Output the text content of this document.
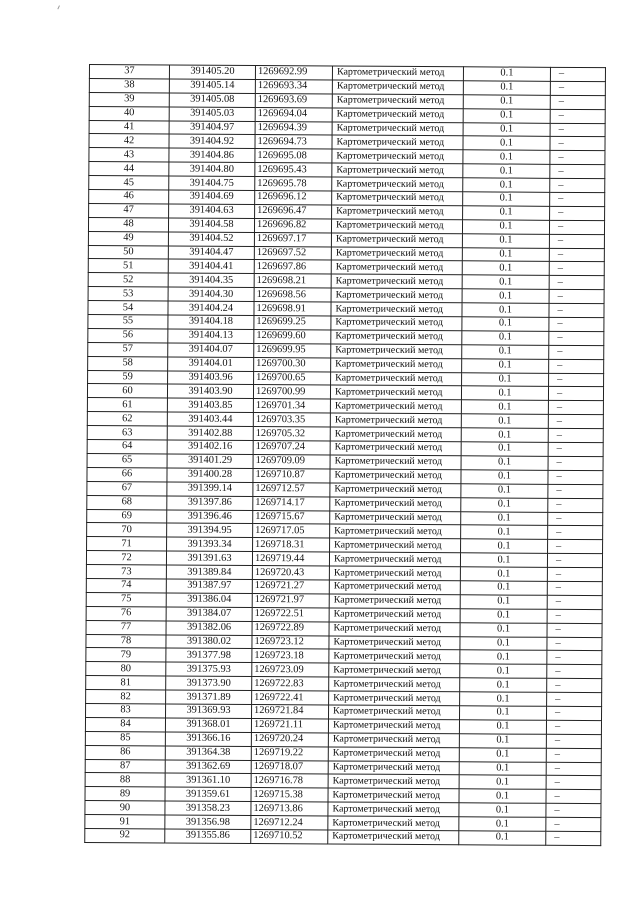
37	391405.20	1269692.99	Картометрический метод	0.1	–
38	391405.14	1269693.34	Картометрический метод	0.1	–
39	391405.08	1269693.69	Картометрический метод	0.1	–
40	391405.03	1269694.04	Картометрический метод	0.1	–
41	391404.97	1269694.39	Картометрический метод	0.1	–
42	391404.92	1269694.73	Картометрический метод	0.1	–
43	391404.86	1269695.08	Картометрический метод	0.1	–
44	391404.80	1269695.43	Картометрический метод	0.1	–
45	391404.75	1269695.78	Картометрический метод	0.1	–
46	391404.69	1269696.12	Картометрический метод	0.1	–
47	391404.63	1269696.47	Картометрический метод	0.1	–
48	391404.58	1269696.82	Картометрический метод	0.1	–
49	391404.52	1269697.17	Картометрический метод	0.1	–
50	391404.47	1269697.52	Картометрический метод	0.1	–
51	391404.41	1269697.86	Картометрический метод	0.1	–
52	391404.35	1269698.21	Картометрический метод	0.1	–
53	391404.30	1269698.56	Картометрический метод	0.1	–
54	391404.24	1269698.91	Картометрический метод	0.1	–
55	391404.18	1269699.25	Картометрический метод	0.1	–
56	391404.13	1269699.60	Картометрический метод	0.1	–
57	391404.07	1269699.95	Картометрический метод	0.1	–
58	391404.01	1269700.30	Картометрический метод	0.1	–
59	391403.96	1269700.65	Картометрический метод	0.1	–
60	391403.90	1269700.99	Картометрический метод	0.1	–
61	391403.85	1269701.34	Картометрический метод	0.1	–
62	391403.44	1269703.35	Картометрический метод	0.1	–
63	391402.88	1269705.32	Картометрический метод	0.1	–
64	391402.16	1269707.24	Картометрический метод	0.1	–
65	391401.29	1269709.09	Картометрический метод	0.1	–
66	391400.28	1269710.87	Картометрический метод	0.1	–
67	391399.14	1269712.57	Картометрический метод	0.1	–
68	391397.86	1269714.17	Картометрический метод	0.1	–
69	391396.46	1269715.67	Картометрический метод	0.1	–
70	391394.95	1269717.05	Картометрический метод	0.1	–
71	391393.34	1269718.31	Картометрический метод	0.1	–
72	391391.63	1269719.44	Картометрический метод	0.1	–
73	391389.84	1269720.43	Картометрический метод	0.1	–
74	391387.97	1269721.27	Картометрический метод	0.1	–
75	391386.04	1269721.97	Картометрический метод	0.1	–
76	391384.07	1269722.51	Картометрический метод	0.1	–
77	391382.06	1269722.89	Картометрический метод	0.1	–
78	391380.02	1269723.12	Картометрический метод	0.1	–
79	391377.98	1269723.18	Картометрический метод	0.1	–
80	391375.93	1269723.09	Картометрический метод	0.1	–
81	391373.90	1269722.83	Картометрический метод	0.1	–
82	391371.89	1269722.41	Картометрический метод	0.1	–
83	391369.93	1269721.84	Картометрический метод	0.1	–
84	391368.01	1269721.11	Картометрический метод	0.1	–
85	391366.16	1269720.24	Картометрический метод	0.1	–
86	391364.38	1269719.22	Картометрический метод	0.1	–
87	391362.69	1269718.07	Картометрический метод	0.1	–
88	391361.10	1269716.78	Картометрический метод	0.1	–
89	391359.61	1269715.38	Картометрический метод	0.1	–
90	391358.23	1269713.86	Картометрический метод	0.1	–
91	391356.98	1269712.24	Картометрический метод	0.1	–
92	391355.86	1269710.52	Картометрический метод	0.1	–
